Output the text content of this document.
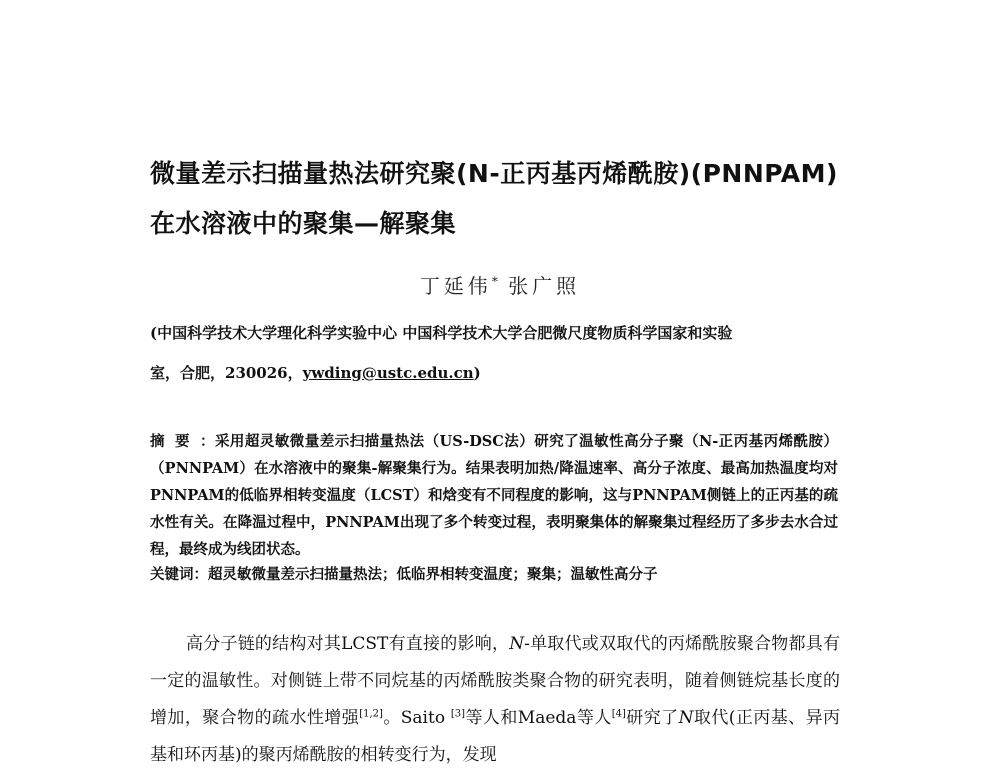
微量差示扫描量热法研究聚(N-正丙基丙烯酰胺)(PNNPAM)
在水溶液中的聚集—解聚集
丁延伟* 张广照
(中国科学技术大学理化科学实验中心 中国科学技术大学合肥微尺度物质科学国家和实验
室，合肥，230026，ywding@ustc.edu.cn)
摘要：采用超灵敏微量差示扫描量热法（US-DSC法）研究了温敏性高分子聚（N-正丙基丙烯酰胺）（PNNPAM）在水溶液中的聚集-解聚集行为。结果表明加热/降温速率、高分子浓度、最高加热温度均对PNNPAM的低临界相转变温度（LCST）和焓变有不同程度的影响，这与PNNPAM侧链上的正丙基的疏水性有关。在降温过程中，PNNPAM出现了多个转变过程，表明聚集体的解聚集过程经历了多步去水合过程，最终成为线团状态。
关键词：超灵敏微量差示扫描量热法；低临界相转变温度；聚集；温敏性高分子
高分子链的结构对其LCST有直接的影响，N-单取代或双取代的丙烯酰胺聚合物都具有一定的温敏性。对侧链上带不同烷基的丙烯酰胺类聚合物的研究表明，随着侧链烷基长度的增加，聚合物的疏水性增强[1,2]。Saito [3]等人和Maeda等人[4]研究了N取代(正丙基、异丙基和环丙基)的聚丙烯酰胺的相转变行为，发现
